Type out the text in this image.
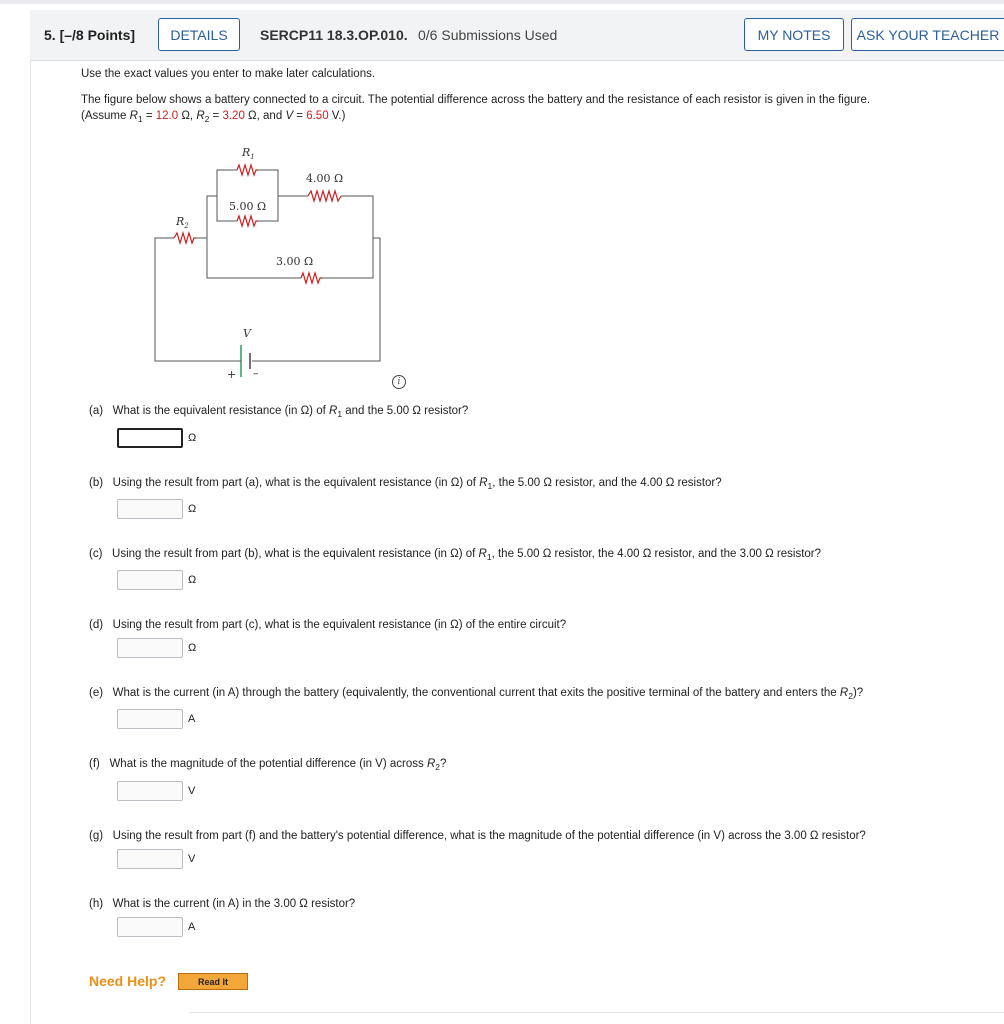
5. [–/8 Points]	DETAILS	SERCP11 18.3.OP.010. 0/6 Submissions Used	MY NOTES	ASK YOUR TEACHER
Use the exact values you enter to make later calculations.
The figure below shows a battery connected to a circuit. The potential difference across the battery and the resistance of each resistor is given in the figure.
(Assume $R_1 = 12.0$ Ω, $R_2 = 3.20$ Ω, and V = 6.50 V.)
$R_1$
4.00 Ω
5.00 Ω
$R_2$
3.00 Ω
V
+ –
i
(a) What is the equivalent resistance (in Ω) of $R_1$ and the 5.00 Ω resistor?
Ω
(b) Using the result from part (a), what is the equivalent resistance (in Ω) of $R_1$, the 5.00 Ω resistor, and the 4.00 Ω resistor?
Ω
(c) Using the result from part (b), what is the equivalent resistance (in Ω) of $R_1$, the 5.00 Ω resistor, the 4.00 Ω resistor, and the 3.00 Ω resistor?
Ω
(d) Using the result from part (c), what is the equivalent resistance (in Ω) of the entire circuit?
Ω
(e) What is the current (in A) through the battery (equivalently, the conventional current that exits the positive terminal of the battery and enters the $R_2$)?
A
(f) What is the magnitude of the potential difference (in V) across $R_2$?
V
(g) Using the result from part (f) and the battery's potential difference, what is the magnitude of the potential difference (in V) across the 3.00 Ω resistor?
V
(h) What is the current (in A) in the 3.00 Ω resistor?
A
Need Help?	Read It
